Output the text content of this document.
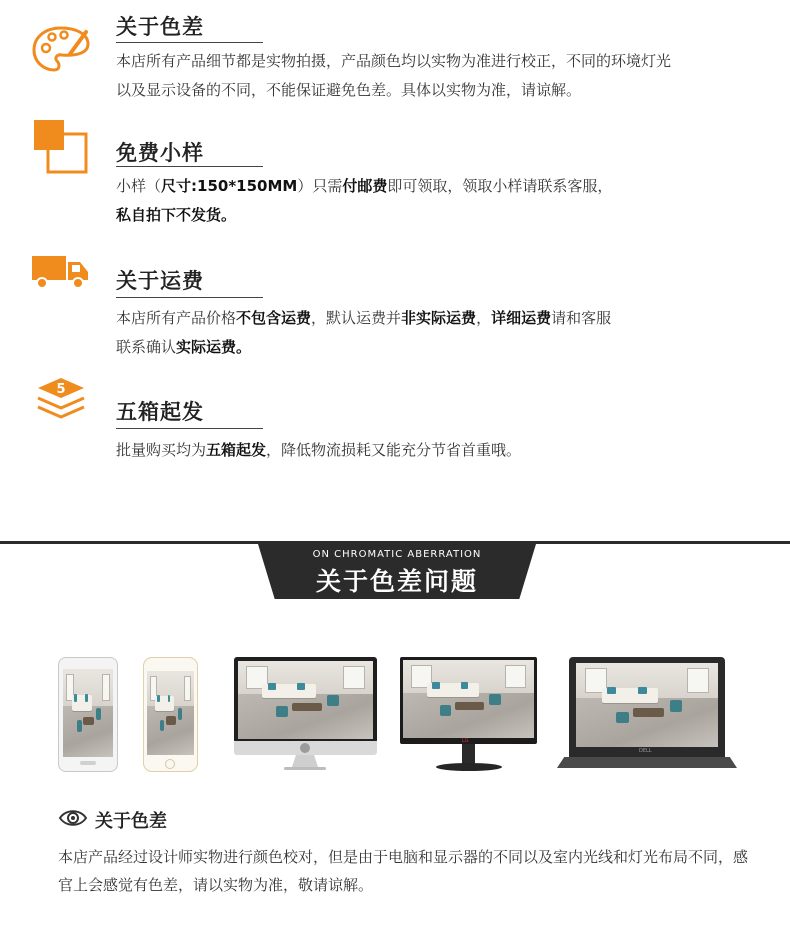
关于色差
本店所有产品细节都是实物拍摄，产品颜色均以实物为准进行校正，不同的环境灯光
以及显示设备的不同，不能保证避免色差。具体以实物为准，请谅解。
免费小样
小样（尺寸:150*150MM）只需付邮费即可领取，领取小样请联系客服，
私自拍下不发货。
关于运费
本店所有产品价格不包含运费，默认运费并非实际运费，详细运费请和客服
联系确认实际运费。
5
五箱起发
批量购买均为五箱起发，降低物流损耗又能充分节省首重哦。
ON CHROMATIC ABERRATION
关于色差问题
LG
DELL
关于色差
本店产品经过设计师实物进行颜色校对，但是由于电脑和显示器的不同以及室内光线和灯光布局不同，感官上会感觉有色差，请以实物为准，敬请谅解。
